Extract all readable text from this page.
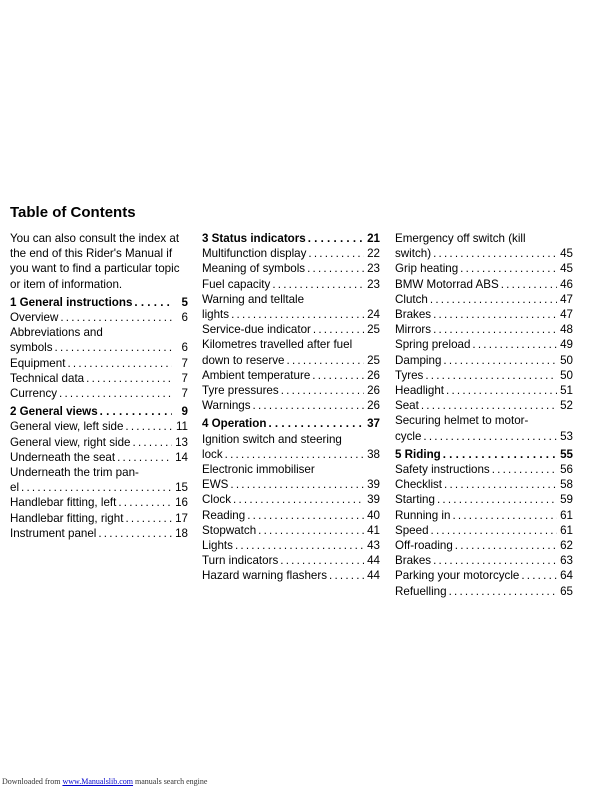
Table of Contents

You can also consult the index at the end of this Rider's Manual if you want to find a particular topic or item of information.

1 General instructions . . .	5
Overview . . .	6
Abbreviations and
symbols . . .	6
Equipment . . .	7
Technical data . . .	7
Currency . . .	7
2 General views . . .	9
General view, left side . . .	11
General view, right side . . .	13
Underneath the seat . . .	14
Underneath the trim pan-
el . . .	15
Handlebar fitting, left . . .	16
Handlebar fitting, right . . .	17
Instrument panel . . .	18
3 Status indicators . . .	21
Multifunction display . . .	22
Meaning of symbols . . .	23
Fuel capacity . . .	23
Warning and telltale
lights . . .	24
Service-due indicator . . .	25
Kilometres travelled after fuel
down to reserve . . .	25
Ambient temperature . . .	26
Tyre pressures . . .	26
Warnings . . .	26
4 Operation . . .	37
Ignition switch and steering
lock . . .	38
Electronic immobiliser
EWS . . .	39
Clock . . .	39
Reading . . .	40
Stopwatch . . .	41
Lights . . .	43
Turn indicators . . .	44
Hazard warning flashers . . .	44
Emergency off switch (kill
switch) . . .	45
Grip heating . . .	45
BMW Motorrad ABS . . .	46
Clutch . . .	47
Brakes . . .	47
Mirrors . . .	48
Spring preload . . .	49
Damping . . .	50
Tyres . . .	50
Headlight . . .	51
Seat . . .	52
Securing helmet to motor-
cycle . . .	53
5 Riding . . .	55
Safety instructions . . .	56
Checklist . . .	58
Starting . . .	59
Running in . . .	61
Speed . . .	61
Off-roading . . .	62
Brakes . . .	63
Parking your motorcycle . . .	64
Refuelling . . .	65
Downloaded from www.Manualslib.com manuals search engine
